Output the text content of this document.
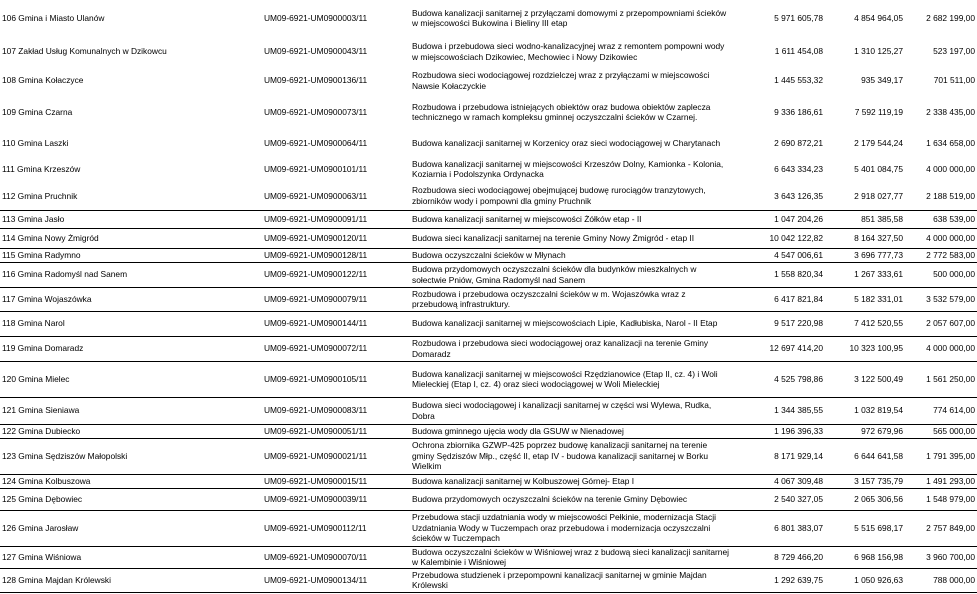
106 Gmina i Miasto Ulanów	UM09-6921-UM0900003/11	Budowa kanalizacji sanitarnej z przyłączami domowymi z przepompowniami ścieków w miejscowości Bukowina i Bieliny III etap	5 971 605,78	4 854 964,05	2 682 199,00
107 Zakład Usług Komunalnych w Dzikowcu	UM09-6921-UM0900043/11	Budowa i przebudowa sieci wodno-kanalizacyjnej wraz z remontem pompowni wody w miejscowościach Dzikowiec, Mechowiec i Nowy Dzikowiec	1 611 454,08	1 310 125,27	523 197,00
108 Gmina Kołaczyce	UM09-6921-UM0900136/11	Rozbudowa sieci wodociągowej rozdzielczej wraz z przyłączami w miejscowości Nawsie Kołaczyckie	1 445 553,32	935 349,17	701 511,00
109 Gmina Czarna	UM09-6921-UM0900073/11	Rozbudowa i przebudowa istniejących obiektów oraz budowa obiektów zaplecza technicznego w ramach kompleksu gminnej oczyszczalni ścieków w Czarnej.	9 336 186,61	7 592 119,19	2 338 435,00
110 Gmina Laszki	UM09-6921-UM0900064/11	Budowa kanalizacji sanitarnej w Korzenicy oraz sieci wodociągowej w Charytanach	2 690 872,21	2 179 544,24	1 634 658,00
111 Gmina Krzeszów	UM09-6921-UM0900101/11	Budowa kanalizacji sanitarnej w miejscowości Krzeszów Dolny, Kamionka - Kolonia, Koziarnia i Podolszynka Ordynacka	6 643 334,23	5 401 084,75	4 000 000,00
112 Gmina Pruchnik	UM09-6921-UM0900063/11	Rozbudowa sieci wodociągowej obejmującej budowę rurociągów tranzytowych, zbiorników wody i pompowni dla gminy Pruchnik	3 643 126,35	2 918 027,77	2 188 519,00
113 Gmina Jasło	UM09-6921-UM0900091/11	Budowa kanalizacji sanitarnej w miejscowości Żółków etap - II	1 047 204,26	851 385,58	638 539,00
114 Gmina Nowy Żmigród	UM09-6921-UM0900120/11	Budowa sieci kanalizacji sanitarnej na terenie Gminy Nowy Żmigród - etap II	10 042 122,82	8 164 327,50	4 000 000,00
115 Gmina Radymno	UM09-6921-UM0900128/11	Budowa oczyszczalni ścieków w Młynach	4 547 006,61	3 696 777,73	2 772 583,00
116 Gmina Radomyśl nad Sanem	UM09-6921-UM0900122/11	Budowa przydomowych oczyszczalni ścieków dla budynków mieszkalnych w sołectwie Pniów, Gmina Radomyśl nad Sanem	1 558 820,34	1 267 333,61	500 000,00
117 Gmina Wojaszówka	UM09-6921-UM0900079/11	Rozbudowa i przebudowa oczyszczalni ścieków w m. Wojaszówka wraz z przebudową infrastruktury.	6 417 821,84	5 182 331,01	3 532 579,00
118 Gmina Narol	UM09-6921-UM0900144/11	Budowa kanalizacji sanitarnej w miejscowościach Lipie, Kadłubiska, Narol - II Etap	9 517 220,98	7 412 520,55	2 057 607,00
119 Gmina Domaradz	UM09-6921-UM0900072/11	Rozbudowa i przebudowa sieci wodociągowej oraz kanalizacji na terenie Gminy Domaradz	12 697 414,20	10 323 100,95	4 000 000,00
120 Gmina Mielec	UM09-6921-UM0900105/11	Budowa kanalizacji sanitarnej w miejscowości Rzędzianowice (Etap II, cz. 4) i Woli Mieleckiej (Etap I, cz. 4) oraz sieci wodociągowej w Woli Mieleckiej	4 525 798,86	3 122 500,49	1 561 250,00
121 Gmina Sieniawa	UM09-6921-UM0900083/11	Budowa sieci wodociągowej i kanalizacji sanitarnej w części wsi Wylewa, Rudka, Dobra	1 344 385,55	1 032 819,54	774 614,00
122 Gmina Dubiecko	UM09-6921-UM0900051/11	Budowa gminnego ujęcia wody dla GSUW w Nienadowej	1 196 396,33	972 679,96	565 000,00
123 Gmina Sędziszów Małopolski	UM09-6921-UM0900021/11	Ochrona zbiornika GZWP-425 poprzez budowę kanalizacji sanitarnej na terenie gminy Sędziszów Młp., część II, etap IV - budowa kanalizacji sanitarnej w Borku Wielkim	8 171 929,14	6 644 641,58	1 791 395,00
124 Gmina Kolbuszowa	UM09-6921-UM0900015/11	Budowa kanalizacji sanitarnej w Kolbuszowej Górnej- Etap I	4 067 309,48	3 157 735,79	1 491 293,00
125 Gmina Dębowiec	UM09-6921-UM0900039/11	Budowa przydomowych oczyszczalni ścieków na terenie Gminy Dębowiec	2 540 327,05	2 065 306,56	1 548 979,00
126 Gmina Jarosław	UM09-6921-UM0900112/11	Przebudowa stacji uzdatniania wody w miejscowości Pełkinie, modernizacja Stacji Uzdatniania Wody w Tuczempach oraz przebudowa i modernizacja oczyszczalni ścieków w Tuczempach	6 801 383,07	5 515 698,17	2 757 849,00
127 Gmina Wiśniowa	UM09-6921-UM0900070/11	Budowa oczyszczalni ścieków w Wiśniowej wraz z budową sieci kanalizacji sanitarnej w Kalembinie i Wiśniowej	8 729 466,20	6 968 156,98	3 960 700,00
128 Gmina Majdan Królewski	UM09-6921-UM0900134/11	Przebudowa studzienek i przepompowni kanalizacji sanitarnej w gminie Majdan Królewski	1 292 639,75	1 050 926,63	788 000,00
